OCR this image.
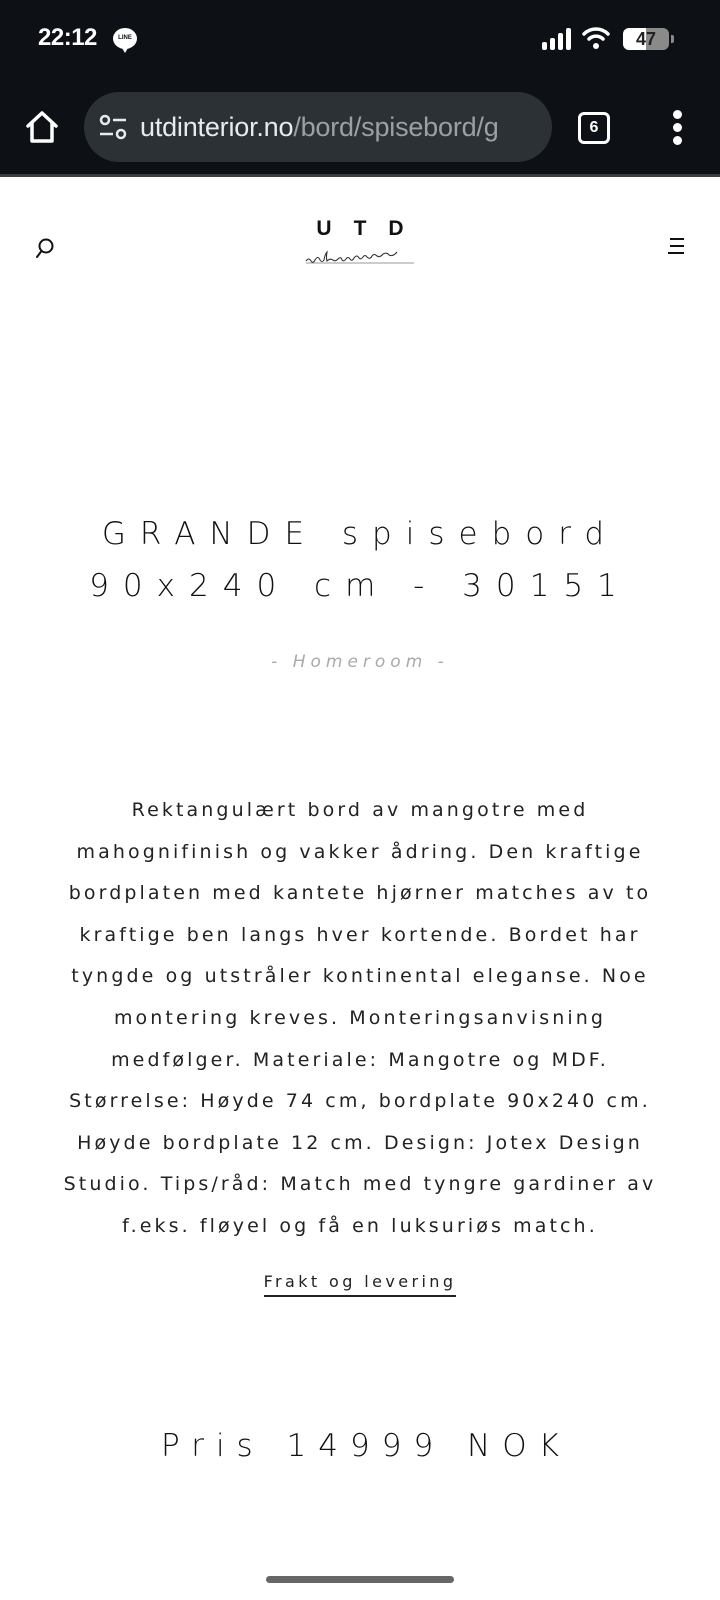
22:12	LINE	47
utdinterior.no/bord/spisebord/g	6
UTD
GRANDE spisebord
90x240 cm - 30151
- Homeroom -
Rektangulært bord av mangotre med
mahognifinish og vakker ådring. Den kraftige
bordplaten med kantete hjørner matches av to
kraftige ben langs hver kortende. Bordet har
tyngde og utstråler kontinental eleganse. Noe
montering kreves. Monteringsanvisning
medfølger. Materiale: Mangotre og MDF.
Størrelse: Høyde 74 cm, bordplate 90x240 cm.
Høyde bordplate 12 cm. Design: Jotex Design
Studio. Tips/råd: Match med tyngre gardiner av
f.eks. fløyel og få en luksuriøs match.
Frakt og levering
Pris 14999 NOK
